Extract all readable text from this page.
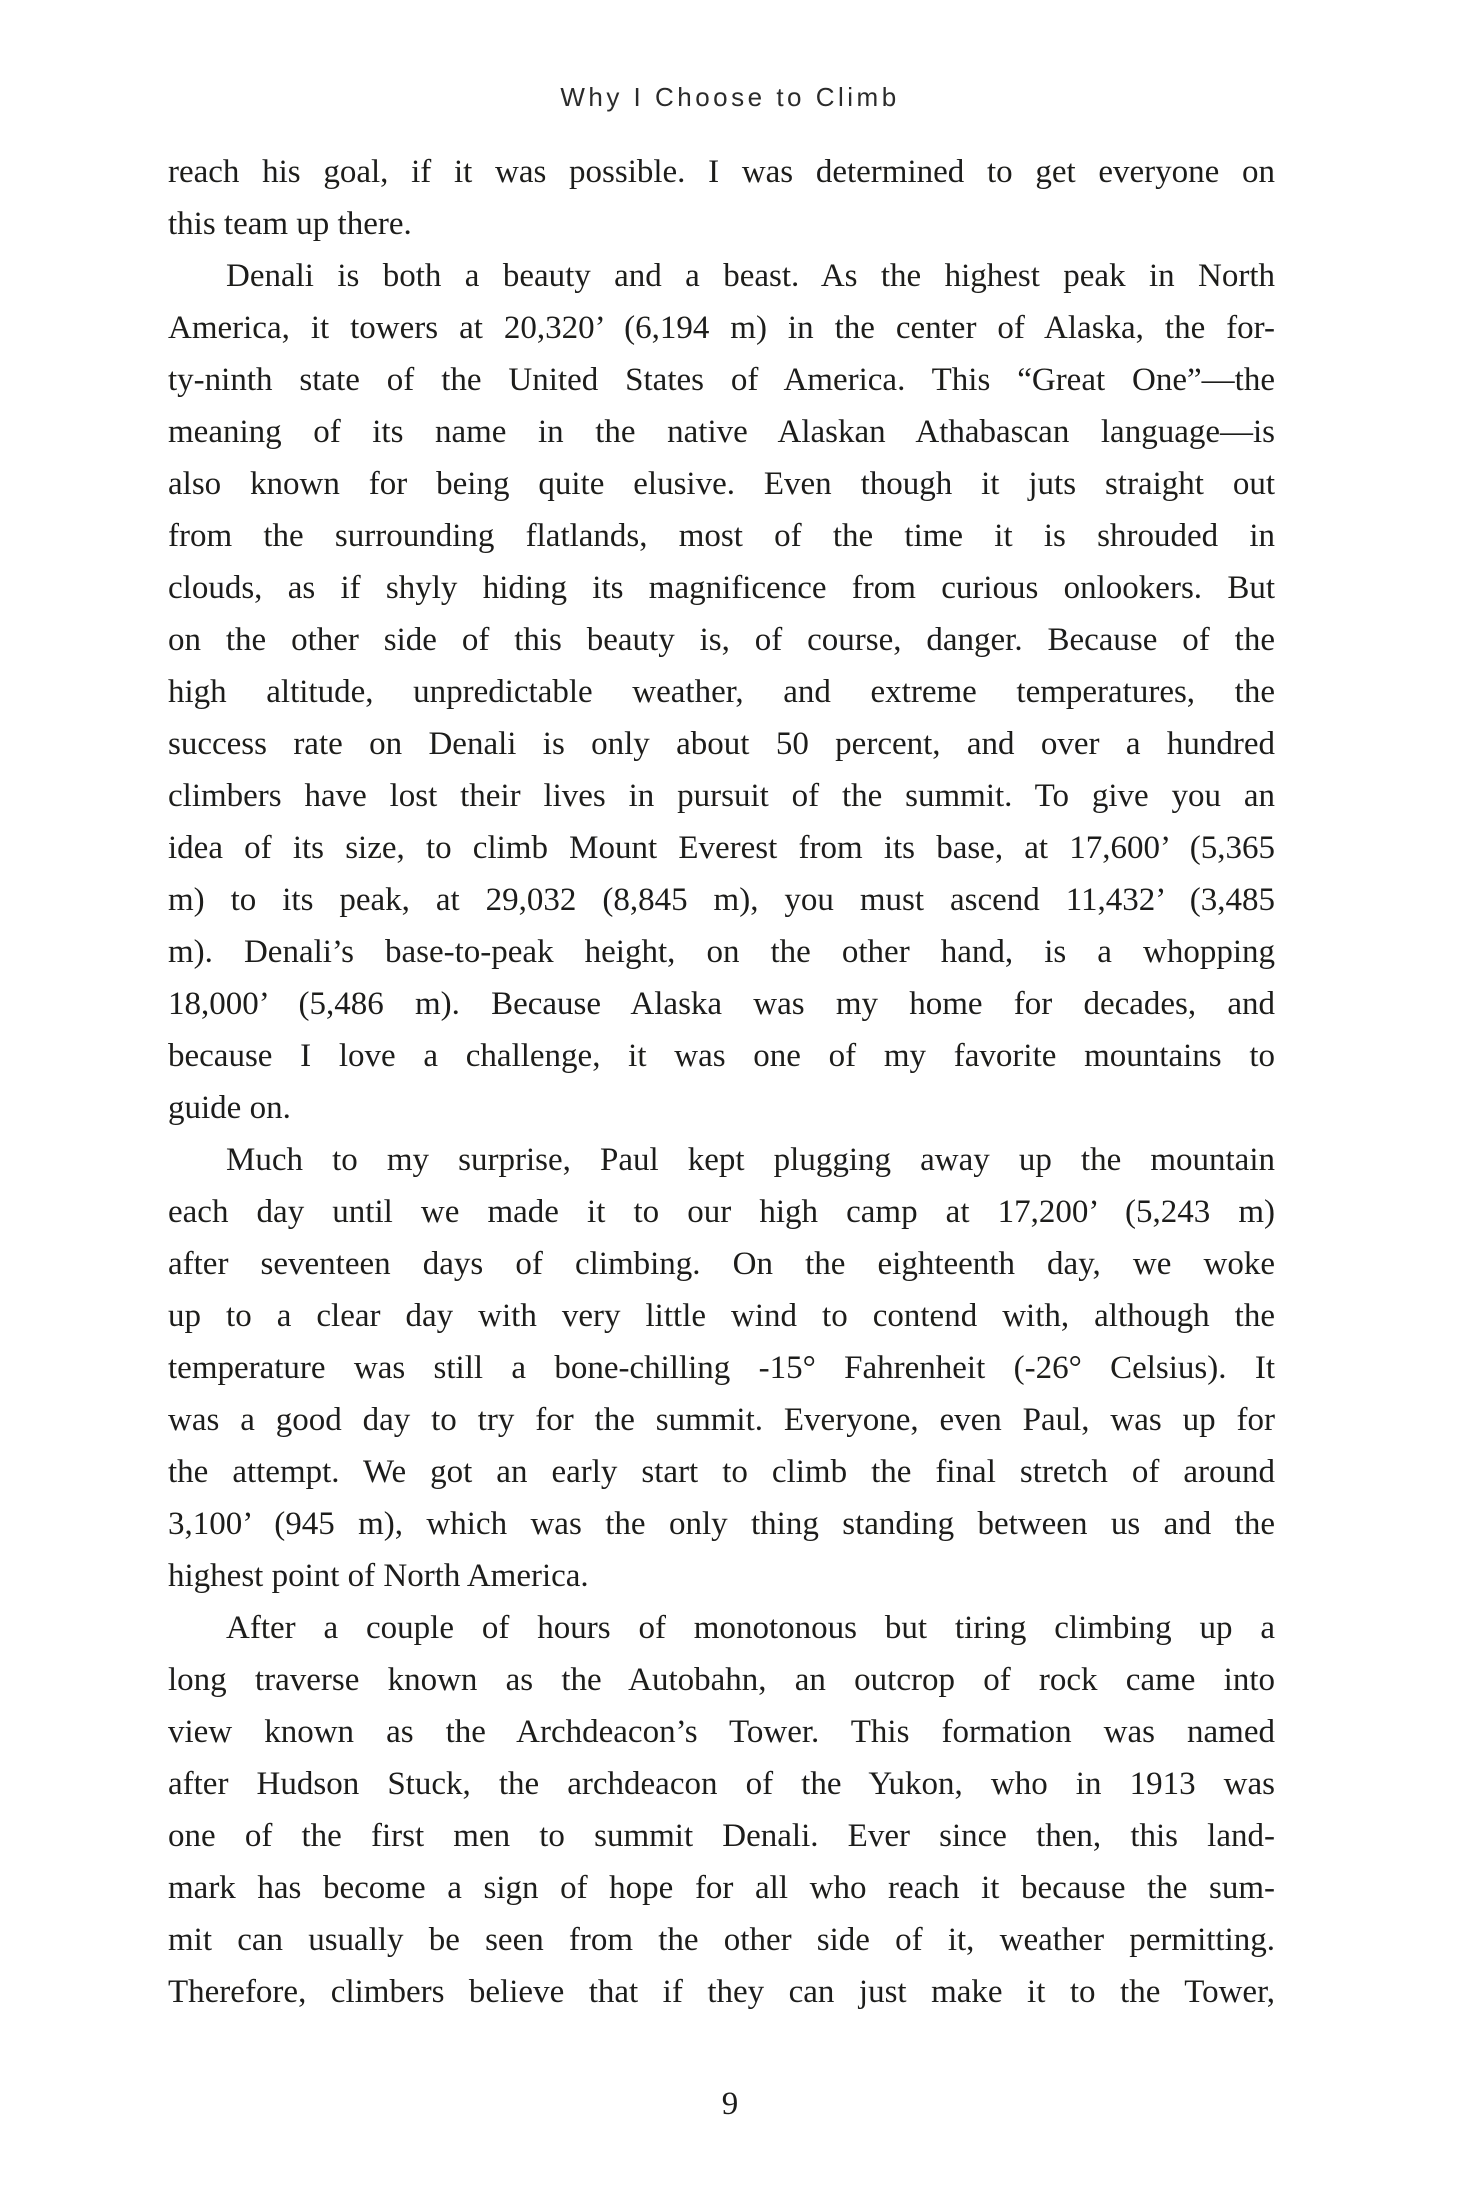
Why I Choose to Climb
reach his goal, if it was possible. I was determined to get everyone on
this team up there.
Denali is both a beauty and a beast. As the highest peak in North
America, it towers at 20,320’ (6,194 m) in the center of Alaska, the for-
ty-ninth state of the United States of America. This “Great One”—the
meaning of its name in the native Alaskan Athabascan language—is
also known for being quite elusive. Even though it juts straight out
from the surrounding flatlands, most of the time it is shrouded in
clouds, as if shyly hiding its magnificence from curious onlookers. But
on the other side of this beauty is, of course, danger. Because of the
high altitude, unpredictable weather, and extreme temperatures, the
success rate on Denali is only about 50 percent, and over a hundred
climbers have lost their lives in pursuit of the summit. To give you an
idea of its size, to climb Mount Everest from its base, at 17,600’ (5,365
m) to its peak, at 29,032 (8,845 m), you must ascend 11,432’ (3,485
m). Denali’s base-to-peak height, on the other hand, is a whopping
18,000’ (5,486 m). Because Alaska was my home for decades, and
because I love a challenge, it was one of my favorite mountains to
guide on.
Much to my surprise, Paul kept plugging away up the mountain
each day until we made it to our high camp at 17,200’ (5,243 m)
after seventeen days of climbing. On the eighteenth day, we woke
up to a clear day with very little wind to contend with, although the
temperature was still a bone-chilling -15° Fahrenheit (-26° Celsius). It
was a good day to try for the summit. Everyone, even Paul, was up for
the attempt. We got an early start to climb the final stretch of around
3,100’ (945 m), which was the only thing standing between us and the
highest point of North America.
After a couple of hours of monotonous but tiring climbing up a
long traverse known as the Autobahn, an outcrop of rock came into
view known as the Archdeacon’s Tower. This formation was named
after Hudson Stuck, the archdeacon of the Yukon, who in 1913 was
one of the first men to summit Denali. Ever since then, this land-
mark has become a sign of hope for all who reach it because the sum-
mit can usually be seen from the other side of it, weather permitting.
Therefore, climbers believe that if they can just make it to the Tower,
9
